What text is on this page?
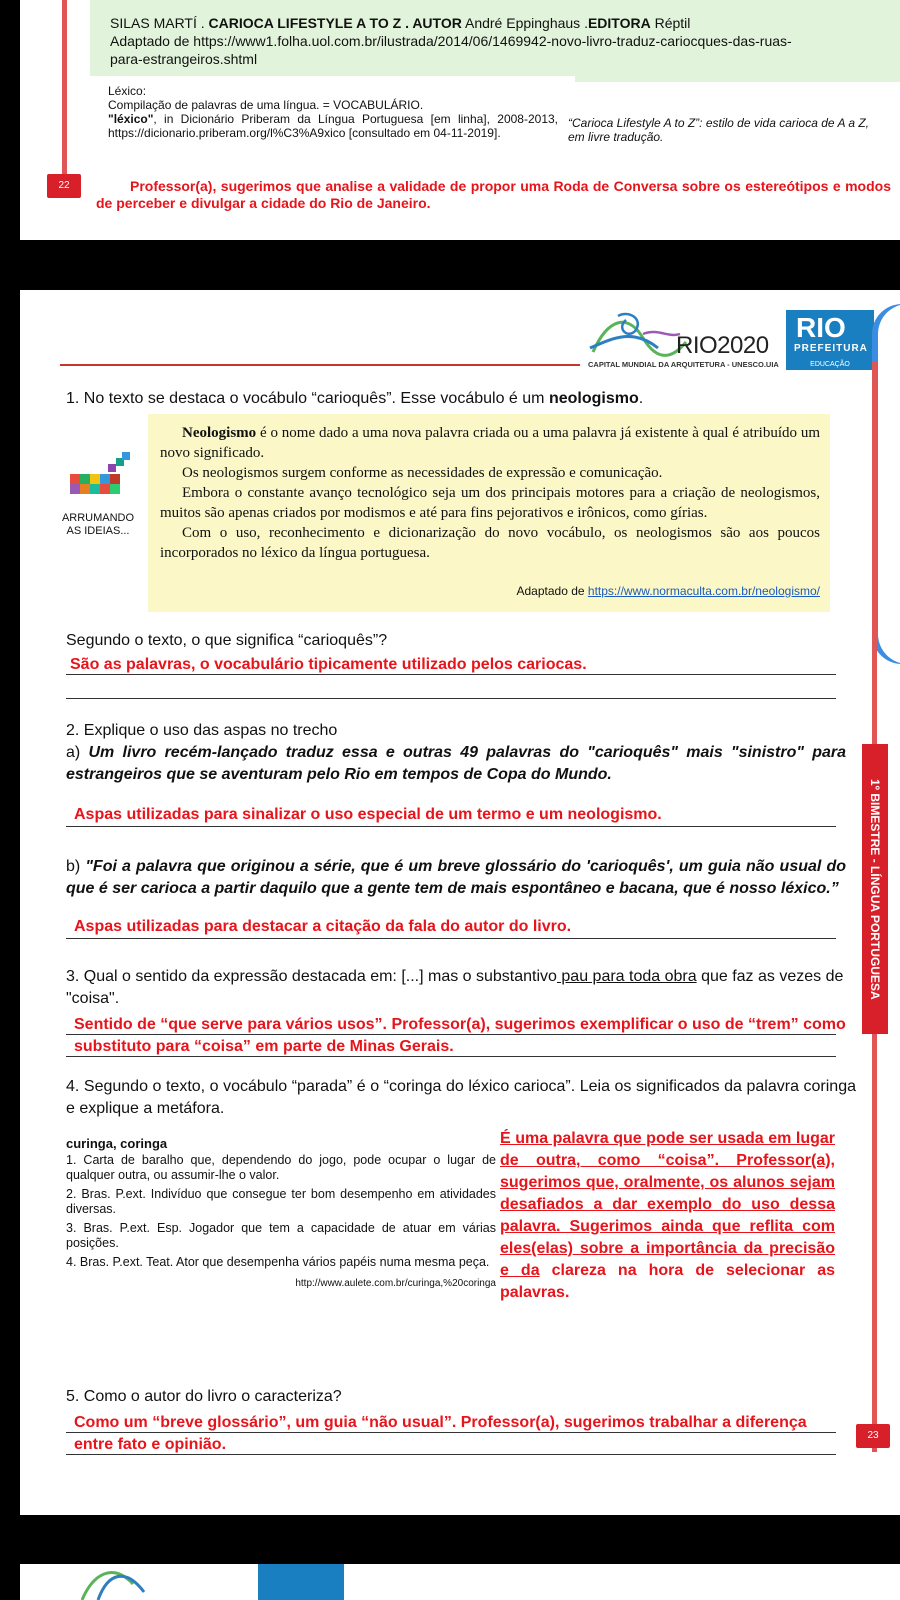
SILAS MARTÍ . CARIOCA LIFESTYLE A TO Z . AUTOR André Eppinghaus .EDITORA Réptil
Adaptado de https://www1.folha.uol.com.br/ilustrada/2014/06/1469942-novo-livro-traduz-cariocques-das-ruas-
para-estrangeiros.shtml
Léxico:
Compilação de palavras de uma língua. = VOCABULÁRIO.
"léxico", in Dicionário Priberam da Língua Portuguesa [em linha], 2008-2013, https://dicionario.priberam.org/l%C3%A9xico [consultado em 04-11-2019].
“Carioca Lifestyle A to Z”: estilo de vida carioca de A a Z, em livre tradução.
22	Professor(a), sugerimos que analise a validade de propor uma Roda de Conversa sobre os estereótipos e modos de perceber e divulgar a cidade do Rio de Janeiro.
RIO2020
CAPITAL MUNDIAL DA ARQUITETURA - UNESCO.UIA
RIO
PREFEITURA
EDUCAÇÃO
1º BIMESTRE - LÍNGUA PORTUGUESA
23
1. No texto se destaca o vocábulo “carioquês”. Esse vocábulo é um neologismo.
Neologismo é o nome dado a uma nova palavra criada ou a uma palavra já existente à qual é atribuído um novo significado.
Os neologismos surgem conforme as necessidades de expressão e comunicação.
Embora o constante avanço tecnológico seja um dos principais motores para a criação de neologismos, muitos são apenas criados por modismos e até para fins pejorativos e irônicos, como gírias.
Com o uso, reconhecimento e dicionarização do novo vocábulo, os neologismos são aos poucos incorporados no léxico da língua portuguesa.
Adaptado de https://www.normaculta.com.br/neologismo/
ARRUMANDO
AS IDEIAS...
Segundo o texto, o que significa “carioquês”?
São as palavras, o vocabulário tipicamente utilizado pelos cariocas.
2. Explique o uso das aspas no trecho
a) Um livro recém-lançado traduz essa e outras 49 palavras do "carioquês" mais "sinistro" para estrangeiros que se aventuram pelo Rio em tempos de Copa do Mundo.
Aspas utilizadas para sinalizar o uso especial de um termo e um neologismo.
b) "Foi a palavra que originou a série, que é um breve glossário do 'carioquês', um guia não usual do que é ser carioca a partir daquilo que a gente tem de mais espontâneo e bacana, que é nosso léxico.”
Aspas utilizadas para destacar a citação da fala do autor do livro.
3. Qual o sentido da expressão destacada em: [...] mas o substantivo pau para toda obra que faz as vezes de "coisa".
Sentido de “que serve para vários usos”. Professor(a), sugerimos exemplificar o uso de “trem” como substituto para “coisa” em parte de Minas Gerais.
4. Segundo o texto, o vocábulo “parada” é o “coringa do léxico carioca”. Leia os significados da palavra coringa e explique a metáfora.
curinga, coringa
1. Carta de baralho que, dependendo do jogo, pode ocupar o lugar de qualquer outra, ou assumir-lhe o valor.
2. Bras. P.ext. Indivíduo que consegue ter bom desempenho em atividades diversas.
3. Bras. P.ext. Esp. Jogador que tem a capacidade de atuar em várias posições.
4. Bras. P.ext. Teat. Ator que desempenha vários papéis numa mesma peça.
http://www.aulete.com.br/curinga,%20coringa
É uma palavra que pode ser usada em lugar de outra, como “coisa”. Professor(a), sugerimos que, oralmente, os alunos sejam desafiados a dar exemplo do uso dessa palavra. Sugerimos ainda que reflita com eles(elas) sobre a importância da precisão e da clareza na hora de selecionar as palavras.
5. Como o autor do livro o caracteriza?
Como um “breve glossário”, um guia “não usual”. Professor(a), sugerimos trabalhar a diferença entre fato e opinião.
